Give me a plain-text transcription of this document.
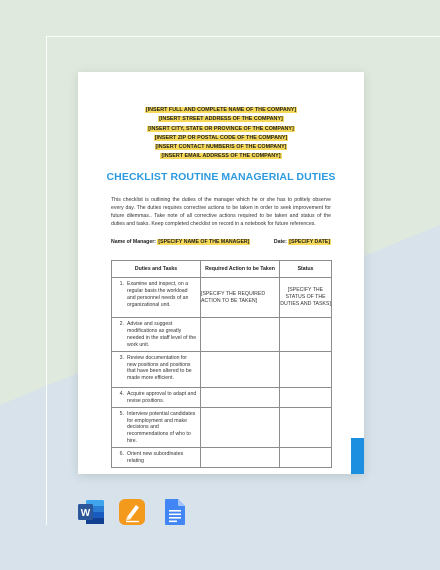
[INSERT FULL AND COMPLETE NAME OF THE COMPANY]
[INSERT STREET ADDRESS OF THE COMPANY]
[INSERT CITY, STATE OR PROVINCE OF THE COMPANY]
[INSERT ZIP OR POSTAL CODE OF THE COMPANY]
[INSERT CONTACT NUMBER/S OF THE COMPANY]
[INSERT EMAIL ADDRESS OF THE COMPANY]
CHECKLIST ROUTINE MANAGERIAL DUTIES
This checklist is outlining the duties of the manager which he or she has to politely observe every day. The duties requires corrective actions to be taken in order to seek improvement for future dilemmas.. Take note of all corrective actions required to be taken and status of the duties and tasks. Keep completed checklist on record in a notebook for future references.
Name of Manager: [SPECIFY NAME OF THE MANAGER]	Date: [SPECIFY DATE]
Duties and Tasks	Required Action to be Taken	Status

1. Examine and inspect, on a regular basis the workload and personnel needs of an organizational unit.	[SPECIFY THE REQUIRED ACTION TO BE TAKEN]	[SPECIFY THE STATUS OF THE DUTIES AND TASKS]

2. Advise and suggest modifications as greatly needed in the staff level of the work unit.		

3. Review documentation for new positions and positions that have been altered to be made more efficient.		

4. Acquire approval to adapt and revise positions.		

5. Interview potential candidates for employment and make decisions and recommendations of who to hire.		

6. Orient new subordinates relating		

W
